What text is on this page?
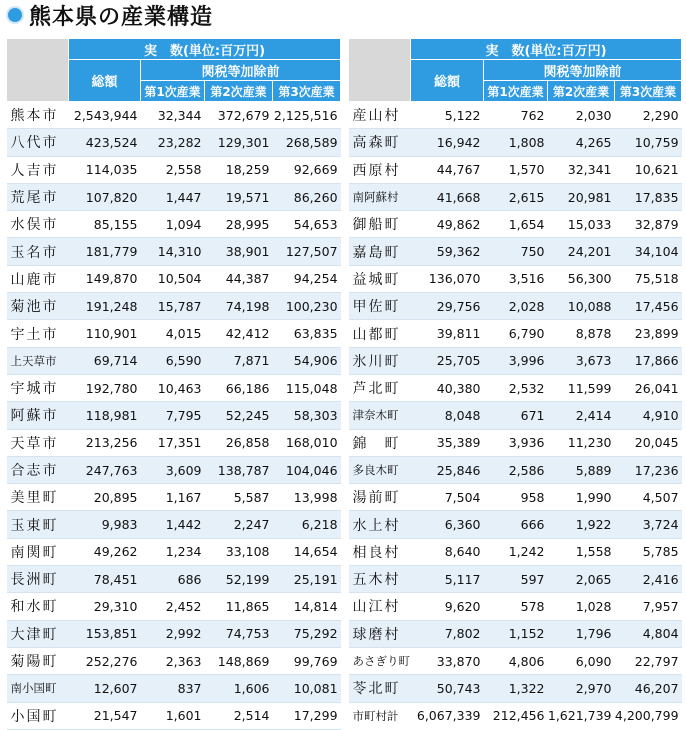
熊本県の産業構造
	実　数(単位:百万円)			
	総額	関税等加除前		
		第1次産業	第2次産業	第3次産業
熊本市	2,543,944	32,344	372,679	2,125,516
八代市	423,524	23,282	129,301	268,589
人吉市	114,035	2,558	18,259	92,669
荒尾市	107,820	1,447	19,571	86,260
水俣市	85,155	1,094	28,995	54,653
玉名市	181,779	14,310	38,901	127,507
山鹿市	149,870	10,504	44,387	94,254
菊池市	191,248	15,787	74,198	100,230
宇土市	110,901	4,015	42,412	63,835
上天草市	69,714	6,590	7,871	54,906
宇城市	192,780	10,463	66,186	115,048
阿蘇市	118,981	7,795	52,245	58,303
天草市	213,256	17,351	26,858	168,010
合志市	247,763	3,609	138,787	104,046
美里町	20,895	1,167	5,587	13,998
玉東町	9,983	1,442	2,247	6,218
南関町	49,262	1,234	33,108	14,654
長洲町	78,451	686	52,199	25,191
和水町	29,310	2,452	11,865	14,814
大津町	153,851	2,992	74,753	75,292
菊陽町	252,276	2,363	148,869	99,769
南小国町	12,607	837	1,606	10,081
小国町	21,547	1,601	2,514	17,299
	実　数(単位:百万円)			
	総額	関税等加除前		
		第1次産業	第2次産業	第3次産業
産山村	5,122	762	2,030	2,290
高森町	16,942	1,808	4,265	10,759
西原村	44,767	1,570	32,341	10,621
南阿蘇村	41,668	2,615	20,981	17,835
御船町	49,862	1,654	15,033	32,879
嘉島町	59,362	750	24,201	34,104
益城町	136,070	3,516	56,300	75,518
甲佐町	29,756	2,028	10,088	17,456
山都町	39,811	6,790	8,878	23,899
氷川町	25,705	3,996	3,673	17,866
芦北町	40,380	2,532	11,599	26,041
津奈木町	8,048	671	2,414	4,910
錦　町	35,389	3,936	11,230	20,045
多良木町	25,846	2,586	5,889	17,236
湯前町	7,504	958	1,990	4,507
水上村	6,360	666	1,922	3,724
相良村	8,640	1,242	1,558	5,785
五木村	5,117	597	2,065	2,416
山江村	9,620	578	1,028	7,957
球磨村	7,802	1,152	1,796	4,804
あさぎり町	33,870	4,806	6,090	22,797
苓北町	50,743	1,322	2,970	46,207
市町村計	6,067,339	212,456	1,621,739	4,200,799
